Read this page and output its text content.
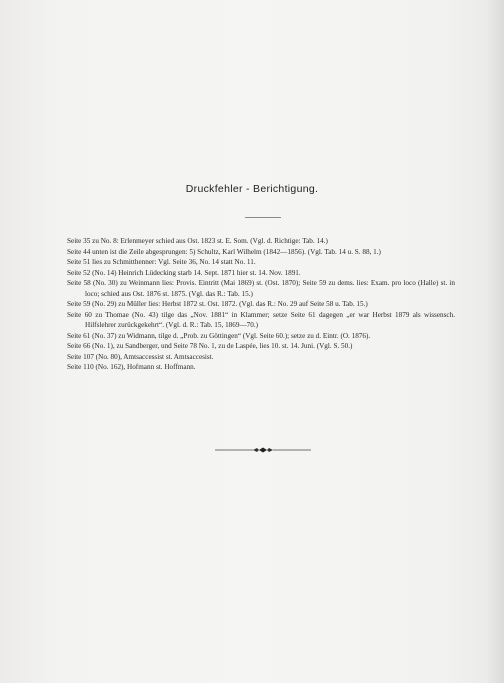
Druckfehler - Berichtigung.

Seite 35 zu No. 8: Erlenmeyer schied aus Ost. 1823 st. E. Som. (Vgl. d. Richtige: Tab. 14.)

Seite 44 unten ist die Zeile abgesprungen: 5) Schultz, Karl Wilhelm (1842—1856). (Vgl. Tab. 14 u. S. 88, 1.)

Seite 51 lies zu Schmitthenner: Vgl. Seite 36, No. 14 statt No. 11.

Seite 52 (No. 14) Heinrich Lüdecking starb 14. Sept. 1871 hier st. 14. Nov. 1891.

Seite 58 (No. 30) zu Weinmann lies: Provis. Eintritt (Mai 1869) st. (Ost. 1870); Seite 59 zu dems. lies: Exam. pro loco (Halle) st. in loco; schied aus Ost. 1876 st. 1875. (Vgl. das R.: Tab. 15.)

Seite 59 (No. 29) zu Müller lies: Herbst 1872 st. Ost. 1872. (Vgl. das R.: No. 29 auf Seite 58 u. Tab. 15.)

Seite 60 zu Thomae (No. 43) tilge das „Nov. 1881“ in Klammer; setze Seite 61 dagegen „er war Herbst 1879 als wissensch. Hilfslehrer zurückgekehrt“. (Vgl. d. R.: Tab. 15, 1869—70.)

Seite 61 (No. 37) zu Widmann, tilge d. „Prob. zu Göttingen“ (Vgl. Seite 60.); setze zu d. Eintr. (O. 1876).

Seite 66 (No. 1), zu Sandberger, und Seite 78 No. 1, zu de Laspée, lies 10. st. 14. Juni. (Vgl. S. 50.)

Seite 107 (No. 80), Amtsaccessist st. Amtsaccesist.

Seite 110 (No. 162), Hofmann st. Hoffmann.
